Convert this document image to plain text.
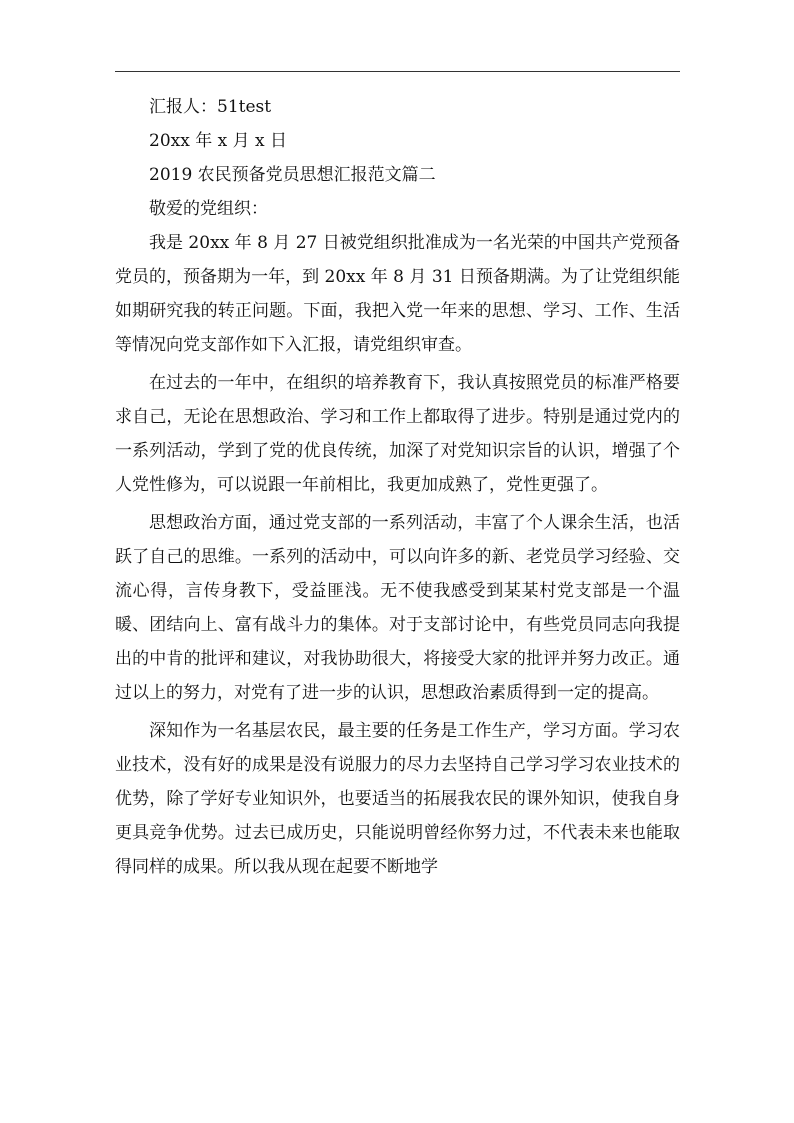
汇报人：51test
20xx 年 x 月 x 日
2019 农民预备党员思想汇报范文篇二
敬爱的党组织：

我是 20xx 年 8 月 27 日被党组织批准成为一名光荣的中国共产党预备党员的，预备期为一年，到 20xx 年 8 月 31 日预备期满。为了让党组织能如期研究我的转正问题。下面，我把入党一年来的思想、学习、工作、生活等情况向党支部作如下入汇报，请党组织审查。

在过去的一年中，在组织的培养教育下，我认真按照党员的标准严格要求自己，无论在思想政治、学习和工作上都取得了进步。特别是通过党内的一系列活动，学到了党的优良传统，加深了对党知识宗旨的认识，增强了个人党性修为，可以说跟一年前相比，我更加成熟了，党性更强了。

思想政治方面，通过党支部的一系列活动，丰富了个人课余生活，也活跃了自己的思维。一系列的活动中，可以向许多的新、老党员学习经验、交流心得，言传身教下，受益匪浅。无不使我感受到某某村党支部是一个温暖、团结向上、富有战斗力的集体。对于支部讨论中，有些党员同志向我提出的中肯的批评和建议，对我协助很大，将接受大家的批评并努力改正。通过以上的努力，对党有了进一步的认识，思想政治素质得到一定的提高。

深知作为一名基层农民，最主要的任务是工作生产，学习方面。学习农业技术，没有好的成果是没有说服力的尽力去坚持自己学习学习农业技术的优势，除了学好专业知识外，也要适当的拓展我农民的课外知识，使我自身更具竞争优势。过去已成历史，只能说明曾经你努力过，不代表未来也能取得同样的成果。所以我从现在起要不断地学
